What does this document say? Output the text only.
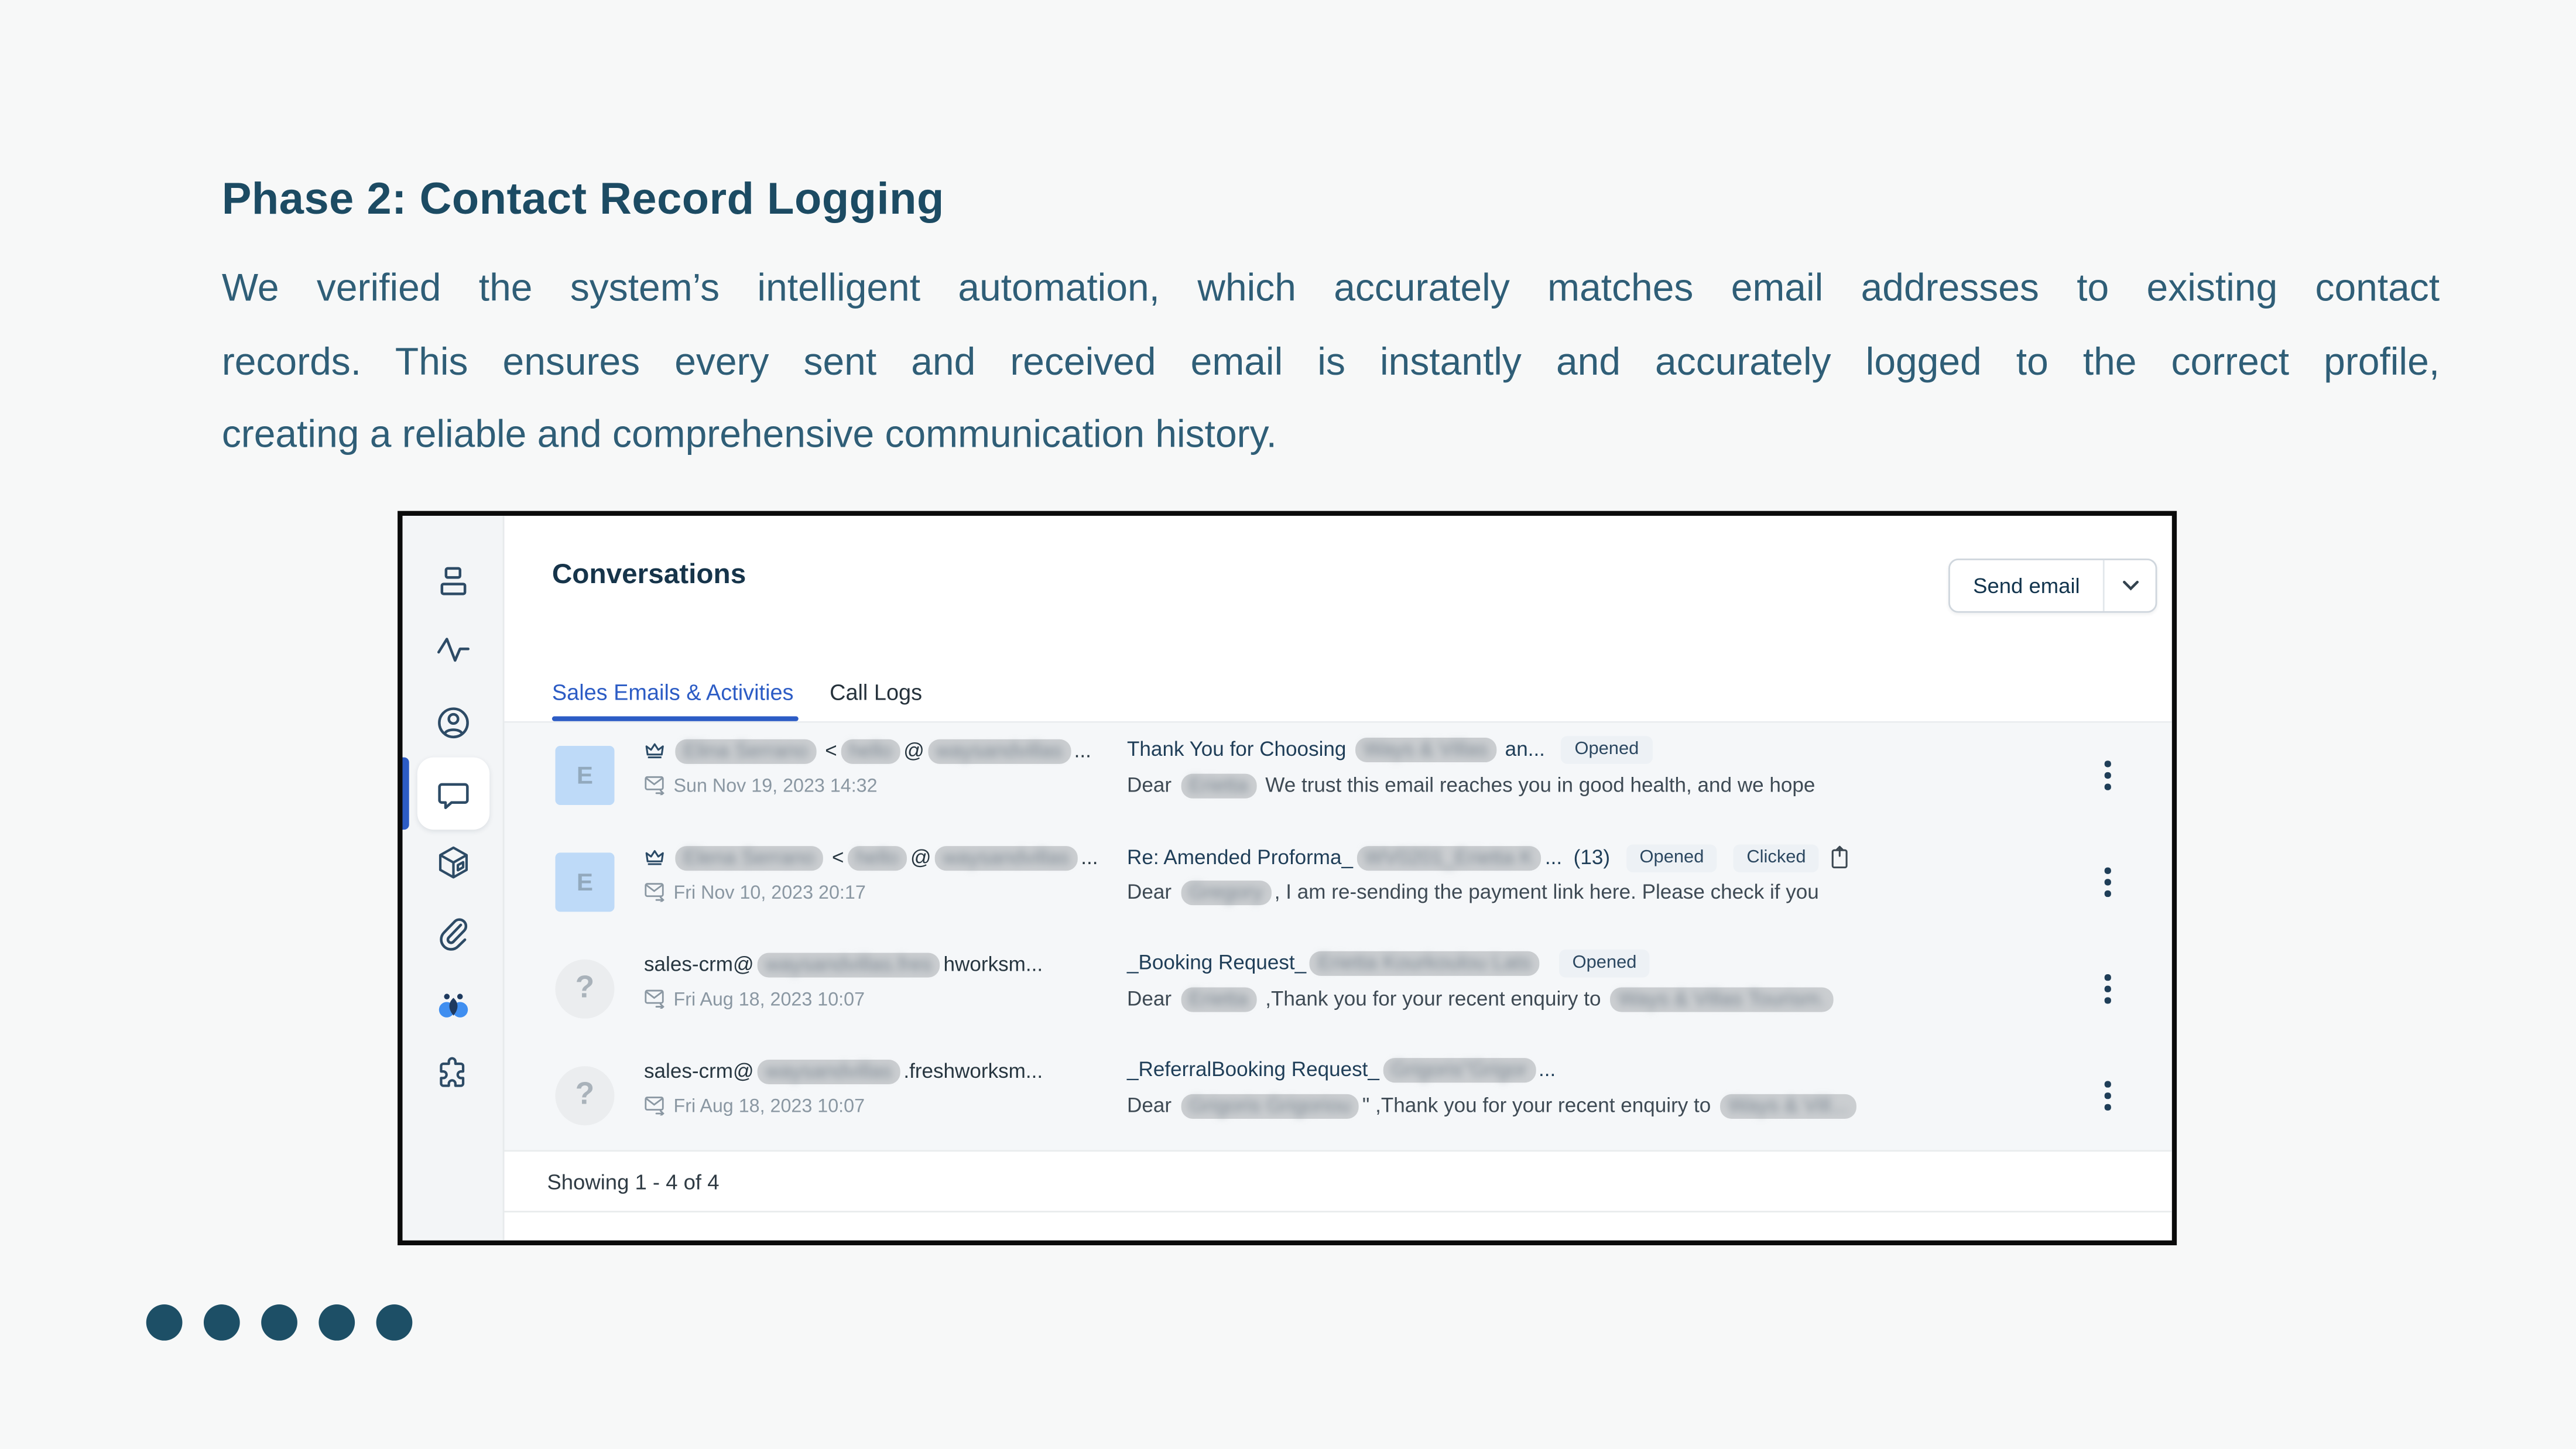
Phase 2: Contact Record Logging
We verified the system’s intelligent automation, which accurately matches email addresses to existing contact
records. This ensures every sent and received email is instantly and accurately logged to the correct profile,
creating a reliable and comprehensive communication history.
Conversations	Send email
Sales Emails & Activities	Call Logs
E
Elina Serrano < hello @ waysandvillas ...
Sun Nov 19, 2023 14:32
Thank You for Choosing Ways & Villas an...	Opened
Dear Erietta We trust this email reaches you in good health, and we hope
E
Elena Serrano < hello @ waysandvillas ...
Fri Nov 10, 2023 20:17
Re: Amended Proforma_ WV0201_Erietta K ...  (13)	Opened	Clicked
Dear Gregory , I am re-sending the payment link here. Please check if you
?
sales-crm@ waysandvillas.fres hworksm...
Fri Aug 18, 2023 10:07
_Booking Request_ Erietta Kourkoulou Lats	Opened
Dear Erietta ,Thank you for your recent enquiry to Ways & Villas Tourism.
?
sales-crm@ waysandvillas .freshworksm...
Fri Aug 18, 2023 10:07
_ReferralBooking Request_ Grigoris"Grigor ...
Dear Grigoris Grigoriou " ,Thank you for your recent enquiry to Ways & Vill...
Showing 1 - 4 of 4
